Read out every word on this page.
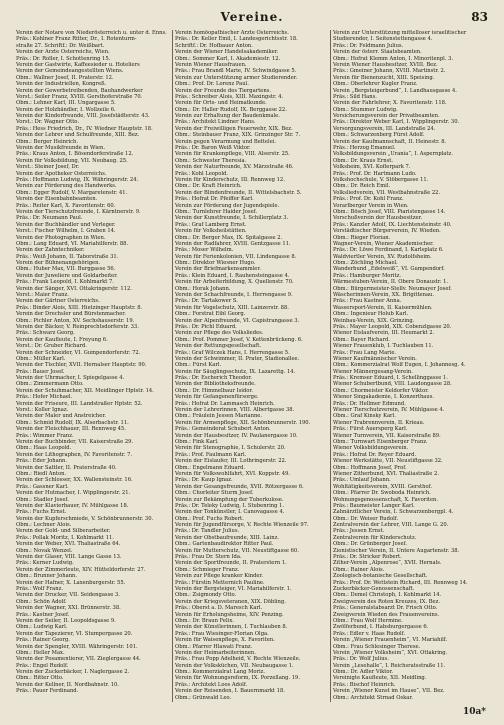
Vereine.	83
Verein der Notare von Niederösterreich u. unter d. Enns.
Präs.: Kohlner Franz Ritter, Dr., I. Rotenturm-
straße 27. Schriftf.: Dr. Weißbart.
Verein der Ärzte Österreichs, Wien.
Präs.: Dr. Roller, I. Schottenring 15.
Verein der Gastwirte, Kaffeesieder u. Hoteliers
Verein der Gemeindeangestellten Wiens.
Obm.: Wallner Josef, II. Praterstr. 12.
Verein der Industriellen, Kongreß.
Verein der Gewerbetreibenden, Bauhandwerker
Vorst.: Seiler Franz, XVIII. Gersthoferstraße 70.
Obm.: Lehner Karl, III. Ungargasse 5.
Verein der Holzhändler, I. Wollzeile 6.
Verein der Kinderfreunde, VIII. Josefstädterstr. 43.
Vorst.: Dr. Wagner Otto.
Präs.: Hess Friedrich, Dr., IV. Wiedner Hauptstr. 18.
Verein der Lehrer und Schulfreunde, XIII. Bez.
Obm.: Berger Heinrich.
Verein der Musikfreunde in Wien.
Präs.: Kraus Anton, I. Bösendorferstraße 12.
Verein für Volksbildung, VII. Neubaug. 25.
Vorst.: Steiner Josef, Dr.
Verein der Apotheker Österreichs.
Präs.: Hoffmann Ludwig, IX. Währingerstr. 24.
Verein zur Förderung des Handwerks.
Obm.: Egger Rudolf, V. Margaretenstr. 41.
Verein der Eisenbahnbeamten.
Präs.: Reiter Karl, X. Favoritenstr. 60.
Verein der Tierschutzfreunde, I. Kärntnerstr. 9.
Präs.: Dr. Neumann Paul.
Verein der Buchhändler und Verleger.
Vorst.: Fischer Wilhelm, I. Graben 14.
Verein der Photographen in Wien.
Obm.: Lang Eduard, VI. Mariahilferstr. 88.
Verein der Zahntechniker.
Präs.: Weiß Johann, II. Taborstraße 31.
Verein der Bühnenangehörigen.
Obm.: Huber Max, VII. Burggasse 56.
Verein der Juweliere und Goldarbeiter.
Präs.: Frank Leopold, I. Kohlmarkt 7.
Verein der Sänger, XVI. Ottakringerstr. 112.
Vorst.: Maier Franz.
Verein der Gärtner Österreichs.
Präs.: Binder Alois, XIII. Hietzinger Hauptstr. 8.
Verein der Drechsler und Bürstenmacher.
Obm.: Pichler Anton, XV. Sechshauserstr. 19.
Verein der Bäcker, V. Reinprechtsdorferstr. 33.
Präs.: Schwarz Georg.
Verein der Kaufleute, I. Freyung 6.
Vorst.: Dr. Gruber Richard.
Verein der Schneider, VI. Gumpendorferstr. 72.
Obm.: Müller Karl.
Verein der Tischler, XVII. Hernalser Hauptstr. 90.
Präs.: Bauer Josef.
Verein der Uhrmacher, I. Spiegelgasse 4.
Obm.: Zimmermann Otto.
Verein der Schuhmacher, XII. Meidlinger Hptstr. 14.
Präs.: Hofer Michael.
Verein der Friseure, III. Landstraßer Hptstr. 52.
Vorst.: Koller Ignaz.
Verein der Maler und Anstreicher.
Obm.: Schmid Rudolf, IX. Alserbachstr. 11.
Verein der Fleischhauer, III. Rennweg 45.
Präs.: Wimmer Franz.
Verein der Buchbinder, VII. Kaiserstraße 29.
Obm.: Haas Leopold.
Verein der Lithographen, IV. Favoritenstr. 7.
Präs.: Eder Johann.
Verein der Sattler, II. Praterstraße 40.
Obm.: Riedl Anton.
Verein der Schlosser, XX. Wallensteinstr. 16.
Präs.: Gassner Karl.
Verein der Hutmacher, I. Wipplingerstr. 21.
Obm.: Stadler Josef.
Verein der Klavierbauer, IV. Mühlgasse 18.
Präs.: Fuchs Ernst.
Verein der Kupferschmiede, V. Schönbrunnerstr. 30.
Obm.: Lechner Alois.
Verein der Gold- und Silberarbeiter.
Präs.: Pollak Moritz, I. Kohlmarkt 11.
Verein der Weber, XVI. Thaliastraße 64.
Obm.: Novak Wenzel.
Verein der Glaser, VIII. Lange Gasse 13.
Präs.: Kerner Ludwig.
Verein der Zimmerleute, XIV. Hütteldorferstr. 27.
Obm.: Brunner Johann.
Verein der Hafner, X. Laxenburgerstr. 55.
Präs.: Wolf Franz.
Verein der Drucker, VII. Seidengasse 3.
Obm.: Schön Adolf.
Verein der Wagner, XXI. Brünnerstr. 38.
Präs.: Kastner Josef.
Verein der Seiler, II. Leopoldsgasse 9.
Obm.: Ludwig Karl.
Verein der Tapezierer, VI. Stumpergasse 20.
Präs.: Rainer Georg.
Verein der Spengler, XVIII. Währingerstr. 101.
Obm.: Heller Max.
Verein der Posamentierer, VII. Zieglergasse 44.
Präs.: Engel Rudolf.
Verein der Zuckerbäcker, I. Naglergasse 2.
Obm.: Ritter Otto.
Verein der Kellner, II. Nordbahnstr. 10.
Präs.: Pauer Ferdinand.
Verein homöopathischer Ärzte Österreichs.
Präs.: Dr. Keller Emil, I. Landesgerichtsstr. 18.
Schriftf.: Dr. Hofbauer Anton.
Verein der Wiener Handelsakademiker.
Obm.: Sommer Karl, I. Akademiestr. 12.
Verein Wiener Hausfrauen.
Präs.: Frau Brandl Marie, IV. Schwindgasse 5.
Verein zur Unterstützung armer Studierender.
Obm.: Prof. Dr. Lorenz Paul.
Verein der Freunde des Tiergartens.
Präs.: Schreiber Alois, XIII. Maxingstr. 4.
Verein für Orts- und Heimatkunde.
Obm.: Dr. Haller Rudolf, IX. Berggasse 22.
Verein zur Erhaltung der Baudenkmale.
Präs.: Architekt Lindner Hans.
Verein der Freiwilligen Feuerwehr, XIX. Bez.
Obm.: Steinbauer Franz, XIX. Grinzinger Str. 7.
Verein gegen Verarmung und Bettelei.
Präs.: Dr. Baron Weiß Viktor.
Verein für Krankenpflege, VIII. Alserstr. 25.
Obm.: Schwester Theresia.
Verein der Naturfreunde, XV. Märzstraße 46.
Präs.: Kohl Leopold.
Verein für Kinderschutz, III. Rennweg 12.
Obm.: Dr. Kraft Heinrich.
Verein der Blindenfreunde, II. Wittelsbachstr. 5.
Präs.: Hofrat Dr. Pfeiffer Karl.
Verein zur Förderung der Jugendspiele.
Obm.: Turnlehrer Haider Josef.
Verein der Kunstfreunde, I. Schillerplatz 3.
Präs.: Graf Lamberg Ernst.
Verein für Volksheilstätten.
Obm.: Dr. Berger Max, IX. Spitalgasse 2.
Verein der Radfahrer, XVIII. Gentzgasse 11.
Präs.: Moser Wilhelm.
Verein für Ferienkolonien, VII. Lindengasse 8.
Obm.: Direktor Wiesner Hugo.
Verein der Briefmarkensammler.
Präs.: Klein Eduard, I. Rauhensteingasse 4.
Verein für Arbeiterbildung, X. Quellenstr. 70.
Obm.: Horak Johann.
Verein der Schachfreunde, I. Herrengasse 9.
Präs.: Dr. Tartakower S.
Verein für Vogelschutz, XIII. Lainzerstr. 88.
Obm.: Forstrat Eibl Georg.
Verein der Alpenfreunde, VI. Capistrangasse 3.
Präs.: Dr. Pichl Eduard.
Verein zur Pflege des Volksliedes.
Obm.: Prof. Pommer Josef, V. Kettenbrückeng. 6.
Verein der Rettungsgesellschaft.
Präs.: Graf Wilczek Hans, I. Herrengasse 5.
Verein der Schwimmer, II. Prater, Stadionallee.
Obm.: Fürst Karl.
Verein für Säuglingsschutz, IX. Lazarettg. 14.
Präs.: Dr. Escherich Theodor.
Verein der Bibliotheksfreunde.
Obm.: Dr. Himmelbaur Isidor.
Verein für Gefangenenfürsorge.
Präs.: Hofrat Dr. Lammasch Heinrich.
Verein der Lehrerinnen, VIII. Albertgasse 38.
Obm.: Fräulein Jessen Marianne.
Verein für Armenpflege, XII. Schönbrunnerstr. 190.
Präs.: Gemeinderat Schubert Anton.
Verein der Hausbesitzer, IV. Paulanergasse 10.
Obm.: Fink Karl.
Verein für Stenographie, I. Schulerstr. 20.
Präs.: Prof. Faulmann Karl.
Verein der Eislaufer, III. Lothringerstr. 22.
Obm.: Engelmann Eduard.
Verein für Volkswohlfahrt, XVI. Koppstr. 49.
Präs.: Dr. Kaup Ignaz.
Verein der Gesangsfreunde, XVII. Rötzergasse 6.
Obm.: Chorleiter Sturm Josef.
Verein zur Bekämpfung der Tuberkulose.
Präs.: Dr. Teleky Ludwig, I. Stubenring 1.
Verein der Tonkünstler, I. Canovagasse 4.
Obm.: Prof. Fuchs Robert.
Verein für Jugendfürsorge, V. Rechte Wienzeile 97.
Präs.: Dr. Tandler Julius.
Verein der Obstbaufreunde, XIII. Lainz.
Obm.: Gartenbaudirektor Ritter Paul.
Verein für Mutterschutz, VII. Neustiftgasse 60.
Präs.: Frau Dr. Stern Ida.
Verein der Sportfreunde, II. Praterstern 1.
Obm.: Schmieger Franz.
Verein zur Pflege kranker Kinder.
Präs.: Fürstin Metternich Pauline.
Verein der Bergsteiger, VI. Mariahilferstr. 1.
Obm.: Zsigmondy Otto.
Verein der Kriegsveteranen, XIX. Döbling.
Präs.: Oberst a. D. Maresch Karl.
Verein für Erholungsheime, XIV. Penzing.
Obm.: Dr. Braun Felix.
Verein der Künstlerinnen, I. Tuchlauben 8.
Präs.: Frau Wiesinger-Florian Olga.
Verein für Waisenpflege, X. Favoriten.
Obm.: Pfarrer Hlawati Franz.
Verein der Heimarbeiterinnen.
Präs.: Frau Popp Adelheid, V. Rechte Wienzeile.
Verein der Volksküchen, VII. Neubaugasse 1.
Obm.: Kommerzialrat Lang Moriz.
Verein für Wohnungsreform, IX. Porzellang. 19.
Präs.: Architekt Loos Adolf.
Verein der Reisenden, I. Bauernmarkt 18.
Obm.: Grünwald Leo.
Verein zur Unterstützung mittelloser israelitischer
Studierender, I. Seitenstettengasse 4.
Präs.: Dr. Feldmann Julius.
Verein der österr. Staatsbeamten.
Obm.: Hofrat Klemm Anton, I. Minoritenpl. 3.
Verein Wiener Hausbesitzer, XVIII. Bez.
Präs.: Gmeiner Johann, XVIII. Martinstr. 2.
Verein für Bienenzucht, XIII. Speising.
Obm.: Oberlehrer Kugler Franz.
Verein „Bergsteigerbund“, I. Landhausgasse 4.
Präs.: Sild Hans.
Verein der Fahrlehrer, X. Favoritenstr. 118.
Obm.: Stummer Ludwig.
Versicherungsverein der Privatbeamten.
Präs.: Direktor Weber Karl, I. Wipplingerstr. 30.
Versorgungsverein, III. Landstraße 24.
Obm.: Schwarzenberg Fürst Adolf.
Verein der Kaufmannschaft, II. Heinestr. 8.
Präs.: Herzog Emanuel.
Volksbildungsverein „Urania“, I. Aspernplatz.
Obm.: Dr. Kraus Ernst.
Volksheim, XVI. Koflerpark 7.
Präs.: Prof. Dr. Hartmann Ludo.
Volkshochschule, V. Stöbergasse 11.
Obm.: Dr. Reich Emil.
Volksliedverein, VII. Westbahnstraße 22.
Präs.: Prof. Dr. Kohl Franz.
Vorarlberger Verein in Wien.
Obm.: Bösch Josef, VIII. Piaristengasse 14.
Vorschußverein der Hausbesitzer.
Präs.: Kanzler Adolf, IX. Liechtensteinstr. 40.
Vorstädtischer Bürgerverein, IV. Wieden.
Obm.: Rieger Florian.
Wagner-Verein, Wiener Akademischer.
Präs.: Dr. Löwe Ferdinand, I. Karlsplatz 6.
Waldviertler Verein, XV. Rudolfsheim.
Obm.: Zöchling Michael.
Wanderbund „Edelweiß“, VI. Gumpendorf.
Präs.: Hamburger Moritz.
Wärmestuben-Verein, II. Obere Donaustr. 1.
Obm.: Bürgermeister-Stellv. Neumayer Josef.
Wäscherinnen-Verein, XX. Brigittenau.
Präs.: Frau Kastner Anna.
Wassersport-Verein, II. Kaisermühlen.
Obm.: Ingenieur Holub Karl.
Weinbau-Verein, XIX. Grinzing.
Präs.: Mayer Leopold, XIX. Cobenzlgasse 20.
Wiener Eislaufverein, III. Heumarkt 2.
Obm.: Bayer Richard.
Wiener Frauenklub, I. Tuchlauben 11.
Präs.: Frau Lang Marie.
Wiener Kaufmännischer Verein.
Obm.: Kommerzialrat Wolf Eugen, I. Johannesg. 4.
Wiener Männergesang-Verein.
Präs.: Kremser Eduard, I. Schellinggasse 1.
Wiener Schubertbund, VIII. Laudongasse 28.
Obm.: Chormeister Keldorfer Viktor.
Wiener Singakademie, I. Konzerthaus.
Präs.: Dr. Hellmer Edmund.
Wiener Tierschutzverein, IV. Mühlgasse 4.
Obm.: Graf Kinsky Karl.
Wiener Trabrennverein, II. Krieau.
Präs.: Fürst Auersperg Karl.
Wiener Turnverein, VII. Kaiserstraße 89.
Obm.: Turnwart Eisenberger Franz.
Wiener Volksbildungsverein.
Präs.: Hofrat Dr. Reyer Eduard.
Wiener Werkstätte, VII. Neustiftgasse 32.
Obm.: Hoffmann Josef, Prof.
Wiener Zitherbund, XVI. Thaliastraße 2.
Präs.: Umlauf Johann.
Wohltätigkeitsverein, XVIII. Gersthof.
Obm.: Pfarrer Dr. Swoboda Heinrich.
Wohnungsgenossenschaft, X. Favoriten.
Präs.: Baumeister Langer Karl.
Zahnärztlicher Verein, I. Schwarzenbergpl. 4.
Obm.: Dr. Weiser Rudolf.
Zentralverein der Lehrer, VIII. Lange G. 20.
Präs.: Jessen Ernst.
Zentralverein für Kinderschutz.
Obm.: Dr. Grünberger Josef.
Zionistischer Verein, II. Untere Augartenstr. 38.
Präs.: Dr. Stricker Robert.
Zither-Verein „Alpenrose“, XVII. Hernals.
Obm.: Rainer Alois.
Zoologisch-botanische Gesellschaft.
Präs.: Prof. Dr. Wettstein Richard, III. Rennweg 14.
Zuckerbäcker-Genossenschaft.
Obm.: Demel Christoph, I. Kohlmarkt 14.
Zweigverein des Roten Kreuzes, IX. Bez.
Präs.: Generalstabsarzt Dr. Frisch Otto.
Zweigverein Wieden des Frauenvereins.
Obm.: Frau Wolf Hermine.
Zwölferbund, I. Habsburgergasse 6.
Präs.: Edler v. Haas Rudolf.
Verein „Wiener Frauenheim“, VI. Mariahilf.
Obm.: Frau Schlesinger Therese.
Verein „Wiener Volksheim“, XVI. Ottakring.
Präs.: Dr. Wolf Julius.
Verein „Lesehalle“, I. Reichsratsstraße 11.
Obm.: Dr. Adler Viktor.
Vereinigte Kaufleute, XII. Meidling.
Präs.: Bischof Heinrich.
Verein „Wiener Kunst im Hause“, VII. Bez.
Obm.: Architekt Strnad Oskar.
10a*
